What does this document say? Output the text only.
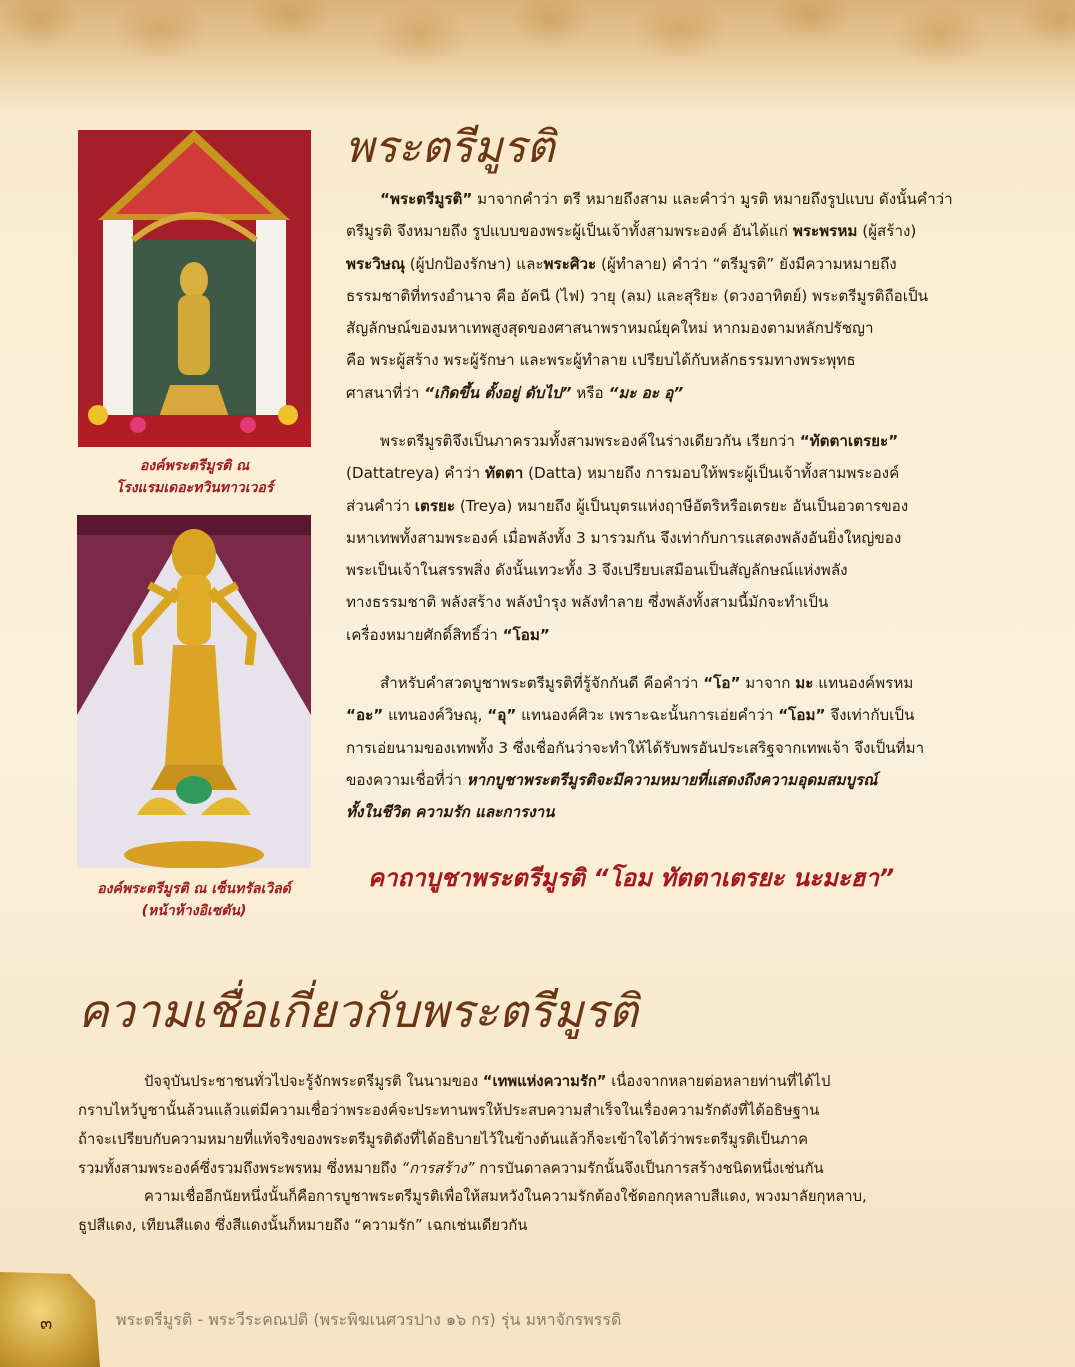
องค์พระตรีมูรติ ณ
โรงแรมเดอะทวินทาวเวอร์
องค์พระตรีมูรติ ณ เซ็นทรัลเวิลด์
(หน้าห้างอิเซตัน)
พระตรีมูรติ
“พระตรีมูรติ” มาจากคำว่า ตรี หมายถึงสาม และคำว่า มูรติ หมายถึงรูปแบบ ดังนั้นคำว่า
ตรีมูรติ จึงหมายถึง รูปแบบของพระผู้เป็นเจ้าทั้งสามพระองค์ อันได้แก่ พระพรหม (ผู้สร้าง)
พระวิษณุ (ผู้ปกป้องรักษา) และพระศิวะ (ผู้ทำลาย) คำว่า “ตรีมูรติ” ยังมีความหมายถึง
ธรรมชาติที่ทรงอำนาจ คือ อัคนี (ไฟ) วายุ (ลม) และสุริยะ (ดวงอาทิตย์) พระตรีมูรติถือเป็น
สัญลักษณ์ของมหาเทพสูงสุดของศาสนาพราหมณ์ยุคใหม่ หากมองตามหลักปรัชญา
คือ พระผู้สร้าง พระผู้รักษา และพระผู้ทำลาย เปรียบได้กับหลักธรรมทางพระพุทธ
ศาสนาที่ว่า “เกิดขึ้น ตั้งอยู่ ดับไป” หรือ “มะ อะ อุ”
พระตรีมูรติจึงเป็นภาครวมทั้งสามพระองค์ในร่างเดียวกัน เรียกว่า “ทัตตาเตรยะ”
(Dattatreya) คำว่า ทัตตา (Datta) หมายถึง การมอบให้พระผู้เป็นเจ้าทั้งสามพระองค์
ส่วนคำว่า เตรยะ (Treya) หมายถึง ผู้เป็นบุตรแห่งฤาษีอัตริหรือเตรยะ อันเป็นอวตารของ
มหาเทพทั้งสามพระองค์ เมื่อพลังทั้ง 3 มารวมกัน จึงเท่ากับการแสดงพลังอันยิ่งใหญ่ของ
พระเป็นเจ้าในสรรพสิ่ง ดังนั้นเทวะทั้ง 3 จึงเปรียบเสมือนเป็นสัญลักษณ์แห่งพลัง
ทางธรรมชาติ พลังสร้าง พลังบำรุง พลังทำลาย ซึ่งพลังทั้งสามนี้มักจะทำเป็น
เครื่องหมายศักดิ์สิทธิ์ว่า “โอม”
สำหรับคำสวดบูชาพระตรีมูรติที่รู้จักกันดี คือคำว่า “โอ” มาจาก มะ แทนองค์พรหม
“อะ” แทนองค์วิษณุ, “อุ” แทนองค์ศิวะ เพราะฉะนั้นการเอ่ยคำว่า “โอม” จึงเท่ากับเป็น
การเอ่ยนามของเทพทั้ง 3 ซึ่งเชื่อกันว่าจะทำให้ได้รับพรอันประเสริฐจากเทพเจ้า จึงเป็นที่มา
ของความเชื่อที่ว่า หากบูชาพระตรีมูรติจะมีความหมายที่แสดงถึงความอุดมสมบูรณ์
ทั้งในชีวิต ความรัก และการงาน
คาถาบูชาพระตรีมูรติ “โอม ทัตตาเตรยะ นะมะฮา”
ความเชื่อเกี่ยวกับพระตรีมูรติ
ปัจจุบันประชาชนทั่วไปจะรู้จักพระตรีมูรติ ในนามของ “เทพแห่งความรัก” เนื่องจากหลายต่อหลายท่านที่ได้ไป
กราบไหว้บูชานั้นล้วนแล้วแต่มีความเชื่อว่าพระองค์จะประทานพรให้ประสบความสำเร็จในเรื่องความรักดังที่ได้อธิษฐาน
ถ้าจะเปรียบกับความหมายที่แท้จริงของพระตรีมูรติดังที่ได้อธิบายไว้ในข้างต้นแล้วก็จะเข้าใจได้ว่าพระตรีมูรติเป็นภาค
รวมทั้งสามพระองค์ซึ่งรวมถึงพระพรหม ซึ่งหมายถึง “การสร้าง” การบันดาลความรักนั้นจึงเป็นการสร้างชนิดหนึ่งเช่นกัน
ความเชื่ออีกนัยหนึ่งนั้นก็คือการบูชาพระตรีมูรติเพื่อให้สมหวังในความรักต้องใช้ดอกกุหลาบสีแดง, พวงมาลัยกุหลาบ,
ธูปสีแดง, เทียนสีแดง ซึ่งสีแดงนั้นก็หมายถึง “ความรัก” เฉกเช่นเดียวกัน
๓	พระตรีมูรติ - พระวีระคณปติ (พระพิฆเนศวรปาง ๑๖ กร) รุ่น มหาจักรพรรดิ
